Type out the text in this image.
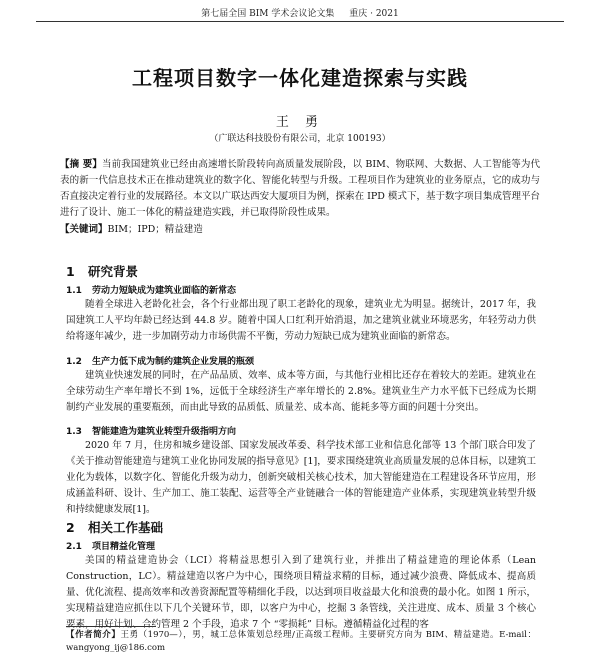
第七届全国 BIM 学术会议论文集 重庆 · 2021
工程项目数字一体化建造探索与实践
王 勇
（广联达科技股份有限公司，北京 100193）
【摘 要】当前我国建筑业已经由高速增长阶段转向高质量发展阶段，以 BIM、物联网、大数据、人工智能等为代表的新一代信息技术正在推动建筑业的数字化、智能化转型与升级。工程项目作为建筑业的业务原点，它的成功与否直接决定着行业的发展路径。本文以广联达西安大厦项目为例，探索在 IPD 模式下，基于数字项目集成管理平台进行了设计、施工一体化的精益建造实践，并已取得阶段性成果。
【关键词】BIM；IPD；精益建造
1 研究背景
1.1 劳动力短缺成为建筑业面临的新常态
随着全球进入老龄化社会，各个行业都出现了职工老龄化的现象，建筑业尤为明显。据统计，2017 年，我国建筑工人平均年龄已经达到 44.8 岁。随着中国人口红利开始消退，加之建筑业就业环境恶劣，年轻劳动力供给将逐年减少，进一步加剧劳动力市场供需不平衡，劳动力短缺已成为建筑业面临的新常态。
1.2 生产力低下成为制约建筑企业发展的瓶颈
建筑业快速发展的同时，在产品品质、效率、成本等方面，与其他行业相比还存在着较大的差距。建筑业在全球劳动生产率年增长不到 1%，远低于全球经济生产率年增长的 2.8%。建筑业生产力水平低下已经成为长期制约产业发展的重要瓶颈，而由此导致的品质低、质量差、成本高、能耗多等方面的问题十分突出。
1.3 智能建造为建筑业转型升级指明方向
2020 年 7 月，住房和城乡建设部、国家发展改革委、科学技术部工业和信息化部等 13 个部门联合印发了《关于推动智能建造与建筑工业化协同发展的指导意见》[1]，要求围绕建筑业高质量发展的总体目标，以建筑工业化为载体，以数字化、智能化升级为动力，创新突破相关核心技术，加大智能建造在工程建设各环节应用，形成涵盖科研、设计、生产加工、施工装配、运营等全产业链融合一体的智能建造产业体系，实现建筑业转型升级和持续健康发展[1]。
2 相关工作基础
2.1 项目精益化管理
美国的精益建造协会（LCI）将精益思想引入到了建筑行业，并推出了精益建造的理论体系（Lean Construction，LC）。精益建造以客户为中心，围绕项目精益求精的目标，通过减少浪费、降低成本、提高质量、优化流程、提高效率和改善资源配置等精细化手段，以达到项目收益最大化和浪费的最小化。如图 1 所示，实现精益建造应抓住以下几个关键环节，即，以客户为中心，挖掘 3 条管线，关注进度、成本、质量 3 个核心要素，用好计划、合约管理 2 个手段，追求 7 个 “零损耗” 目标。遵循精益化过程的客
【作者简介】王勇（1970—），男，城工总体策划总经理/正高级工程师。主要研究方向为 BIM、精益建造。E-mail：wangyong_ij@186.com
